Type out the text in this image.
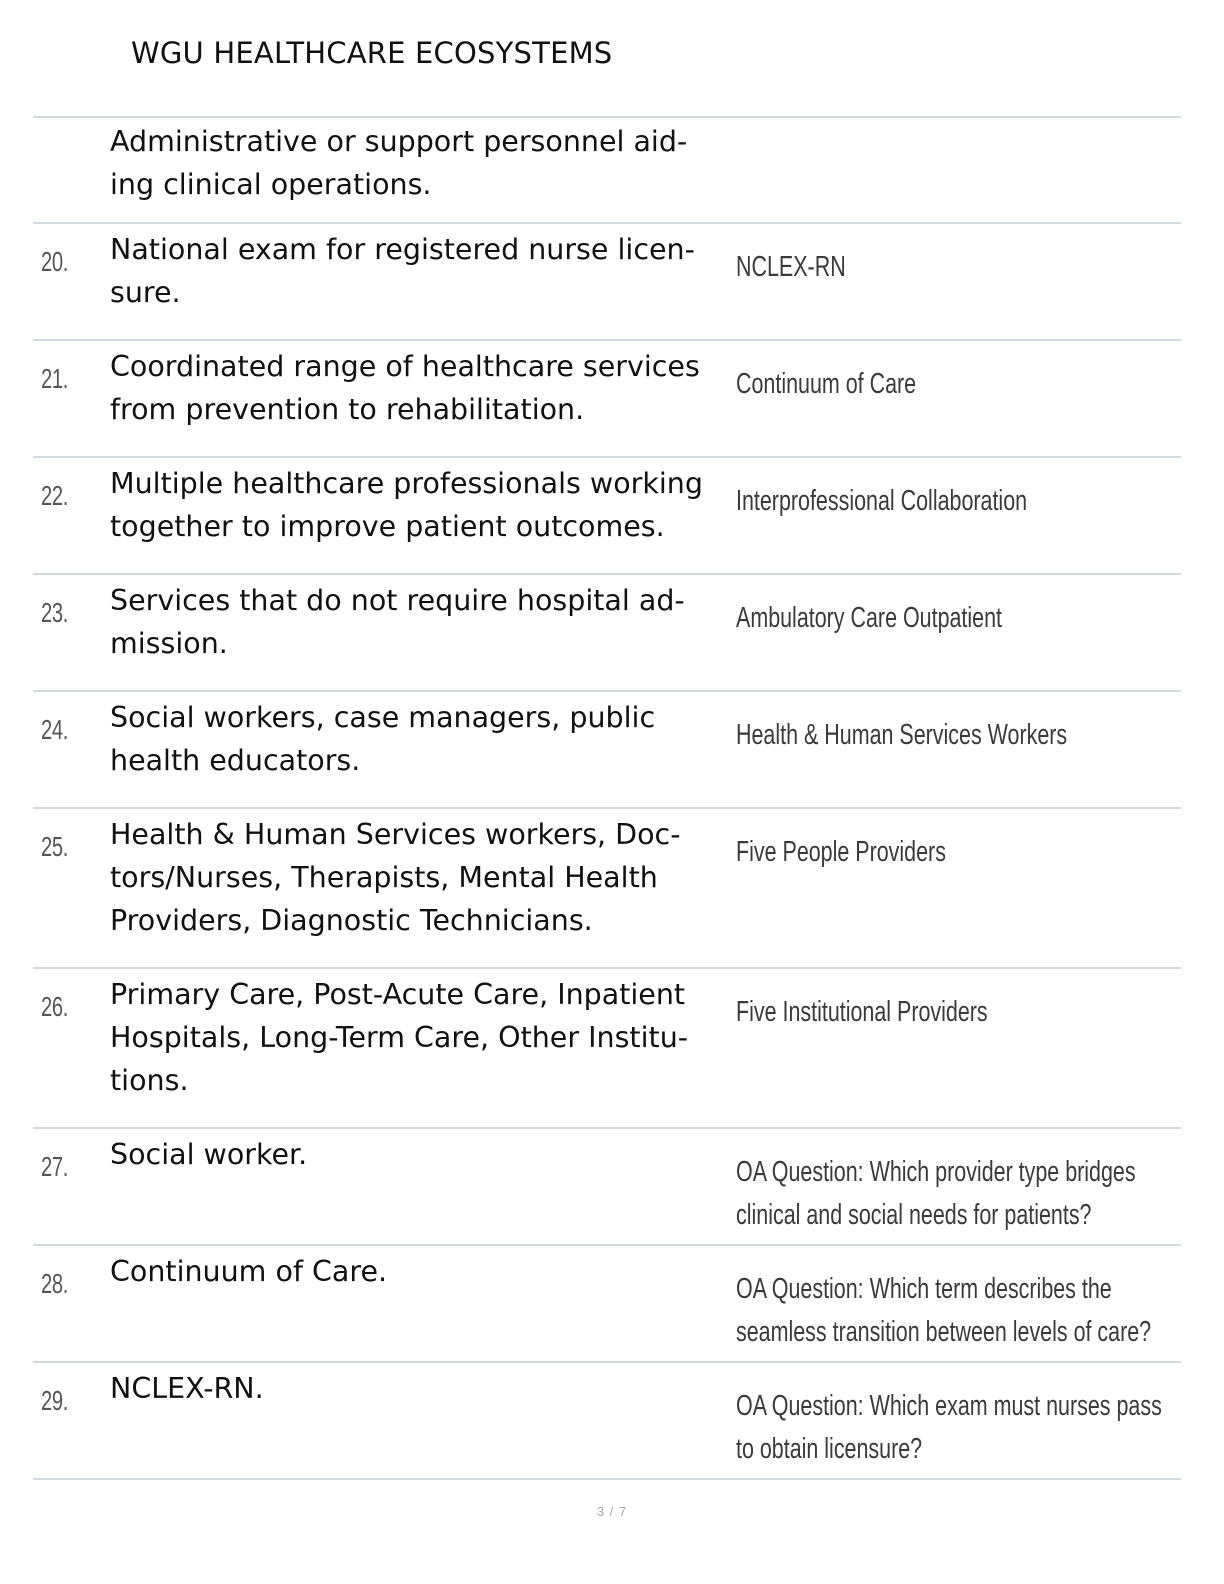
WGU HEALTHCARE ECOSYSTEMS
Administrative or support personnel aid-ing clinical operations.
20. National exam for registered nurse licen-sure.
NCLEX-RN
21. Coordinated range of healthcare services from prevention to rehabilitation.
Continuum of Care
22. Multiple healthcare professionals working together to improve patient outcomes.
Interprofessional Collaboration
23. Services that do not require hospital ad-mission.
Ambulatory Care Outpatient
24. Social workers, case managers, public health educators.
Health & Human Services Workers
25. Health & Human Services workers, Doc-tors/Nurses, Therapists, Mental Health Providers, Diagnostic Technicians.
Five People Providers
26. Primary Care, Post-Acute Care, Inpatient Hospitals, Long-Term Care, Other Institu-tions.
Five Institutional Providers
27. Social worker.
OA Question: Which provider type bridges
clinical and social needs for patients?
28. Continuum of Care.
OA Question: Which term describes the
seamless transition between levels of care?
29. NCLEX-RN.
OA Question: Which exam must nurses pass
to obtain licensure?
3 / 7
